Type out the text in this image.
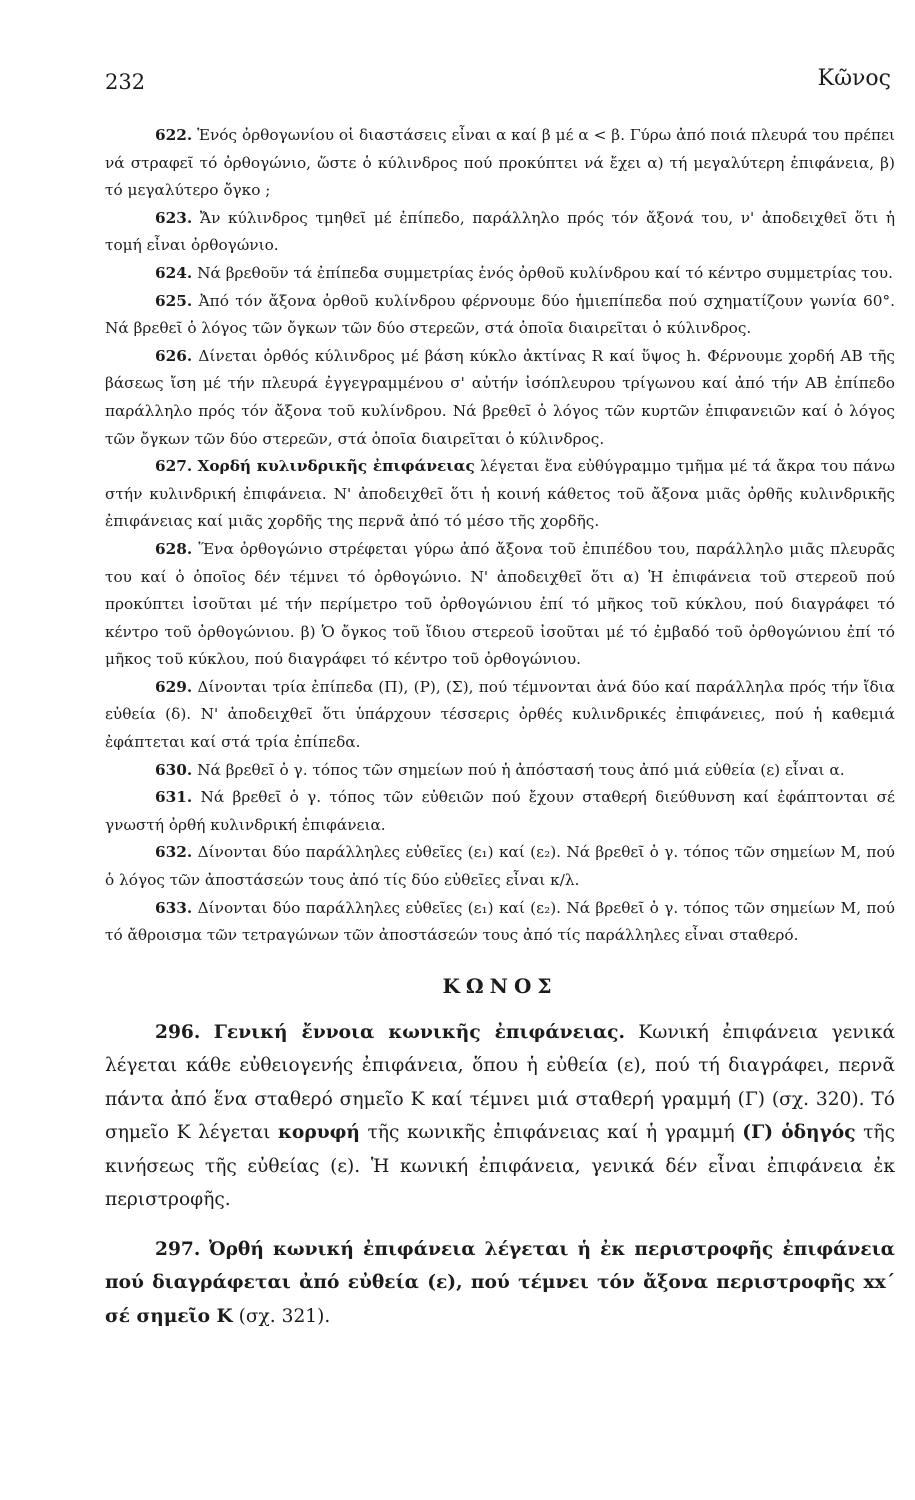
232	Κῶνος

622. Ἑνός ὀρθογωνίου οἱ διαστάσεις εἶναι α καί β μέ α < β. Γύρω ἀπό ποιά πλευρά του πρέπει νά στραφεῖ τό ὀρθογώνιο, ὥστε ὁ κύλινδρος πού προκύπτει νά ἔχει α) τή μεγαλύτερη ἐπιφάνεια, β) τό μεγαλύτερο ὄγκο ;

623. Ἄν κύλινδρος τμηθεῖ μέ ἐπίπεδο, παράλληλο πρός τόν ἄξονά του, ν' ἀποδειχθεῖ ὅτι ἡ τομή εἶναι ὀρθογώνιο.

624. Νά βρεθοῦν τά ἐπίπεδα συμμετρίας ἑνός ὀρθοῦ κυλίνδρου καί τό κέντρο συμμετρίας του.

625. Ἀπό τόν ἄξονα ὀρθοῦ κυλίνδρου φέρνουμε δύο ἡμιεπίπεδα πού σχηματίζουν γωνία 60°. Νά βρεθεῖ ὁ λόγος τῶν ὄγκων τῶν δύο στερεῶν, στά ὁποῖα διαιρεῖται ὁ κύλινδρος.

626. Δίνεται ὀρθός κύλινδρος μέ βάση κύκλο ἀκτίνας R καί ὕψος h. Φέρνουμε χορδή ΑΒ τῆς βάσεως ἴση μέ τήν πλευρά ἐγγεγραμμένου σ' αὐτήν ἰσόπλευρου τρίγωνου καί ἀπό τήν ΑΒ ἐπίπεδο παράλληλο πρός τόν ἄξονα τοῦ κυλίνδρου. Νά βρεθεῖ ὁ λόγος τῶν κυρτῶν ἐπιφανειῶν καί ὁ λόγος τῶν ὄγκων τῶν δύο στερεῶν, στά ὁποῖα διαιρεῖται ὁ κύλινδρος.

627. Χορδή κυλινδρικῆς ἐπιφάνειας λέγεται ἕνα εὐθύγραμμο τμῆμα μέ τά ἄκρα του πάνω στήν κυλινδρική ἐπιφάνεια. Ν' ἀποδειχθεῖ ὅτι ἡ κοινή κάθετος τοῦ ἄξονα μιᾶς ὀρθῆς κυλινδρικῆς ἐπιφάνειας καί μιᾶς χορδῆς της περνᾶ ἀπό τό μέσο τῆς χορδῆς.

628. Ἕνα ὀρθογώνιο στρέφεται γύρω ἀπό ἄξονα τοῦ ἐπιπέδου του, παράλληλο μιᾶς πλευρᾶς του καί ὁ ὁποῖος δέν τέμνει τό ὀρθογώνιο. Ν' ἀποδειχθεῖ ὅτι α) Ἡ ἐπιφάνεια τοῦ στερεοῦ πού προκύπτει ἰσοῦται μέ τήν περίμετρο τοῦ ὀρθογώνιου ἐπί τό μῆκος τοῦ κύκλου, πού διαγράφει τό κέντρο τοῦ ὀρθογώνιου. β) Ὁ ὄγκος τοῦ ἴδιου στερεοῦ ἰσοῦται μέ τό ἐμβαδό τοῦ ὀρθογώνιου ἐπί τό μῆκος τοῦ κύκλου, πού διαγράφει τό κέντρο τοῦ ὀρθογώνιου.

629. Δίνονται τρία ἐπίπεδα (Π), (Ρ), (Σ), πού τέμνονται ἀνά δύο καί παράλληλα πρός τήν ἴδια εὐθεία (δ). Ν' ἀποδειχθεῖ ὅτι ὑπάρχουν τέσσερις ὀρθές κυλινδρικές ἐπιφάνειες, πού ἡ καθεμιά ἐφάπτεται καί στά τρία ἐπίπεδα.

630. Νά βρεθεῖ ὁ γ. τόπος τῶν σημείων πού ἡ ἀπόστασή τους ἀπό μιά εὐθεία (ε) εἶναι α.

631. Νά βρεθεῖ ὁ γ. τόπος τῶν εὐθειῶν πού ἔχουν σταθερή διεύθυνση καί ἐφάπτονται σέ γνωστή ὀρθή κυλινδρική ἐπιφάνεια.

632. Δίνονται δύο παράλληλες εὐθεῖες (ε₁) καί (ε₂). Νά βρεθεῖ ὁ γ. τόπος τῶν σημείων Μ, πού ὁ λόγος τῶν ἀποστάσεών τους ἀπό τίς δύο εὐθεῖες εἶναι κ/λ.

633. Δίνονται δύο παράλληλες εὐθεῖες (ε₁) καί (ε₂). Νά βρεθεῖ ὁ γ. τόπος τῶν σημείων Μ, πού τό ἄθροισμα τῶν τετραγώνων τῶν ἀποστάσεών τους ἀπό τίς παράλληλες εἶναι σταθερό.

ΚΩΝΟΣ

296. Γενική ἔννοια κωνικῆς ἐπιφάνειας. Κωνική ἐπιφάνεια γενικά λέγεται κάθε εὐθειογενής ἐπιφάνεια, ὅπου ἡ εὐθεία (ε), πού τή διαγράφει, περνᾶ πάντα ἀπό ἕνα σταθερό σημεῖο Κ καί τέμνει μιά σταθερή γραμμή (Γ) (σχ. 320). Τό σημεῖο Κ λέγεται κορυφή τῆς κωνικῆς ἐπιφάνειας καί ἡ γραμμή (Γ) ὁδηγός τῆς κινήσεως τῆς εὐθείας (ε). Ἡ κωνική ἐπιφάνεια, γενικά δέν εἶναι ἐπιφάνεια ἐκ περιστροφῆς.

297. Ὀρθή κωνική ἐπιφάνεια λέγεται ἡ ἐκ περιστροφῆς ἐπιφάνεια πού διαγράφεται ἀπό εὐθεία (ε), πού τέμνει τόν ἄξονα περιστροφῆς xx΄ σέ σημεῖο Κ (σχ. 321).
